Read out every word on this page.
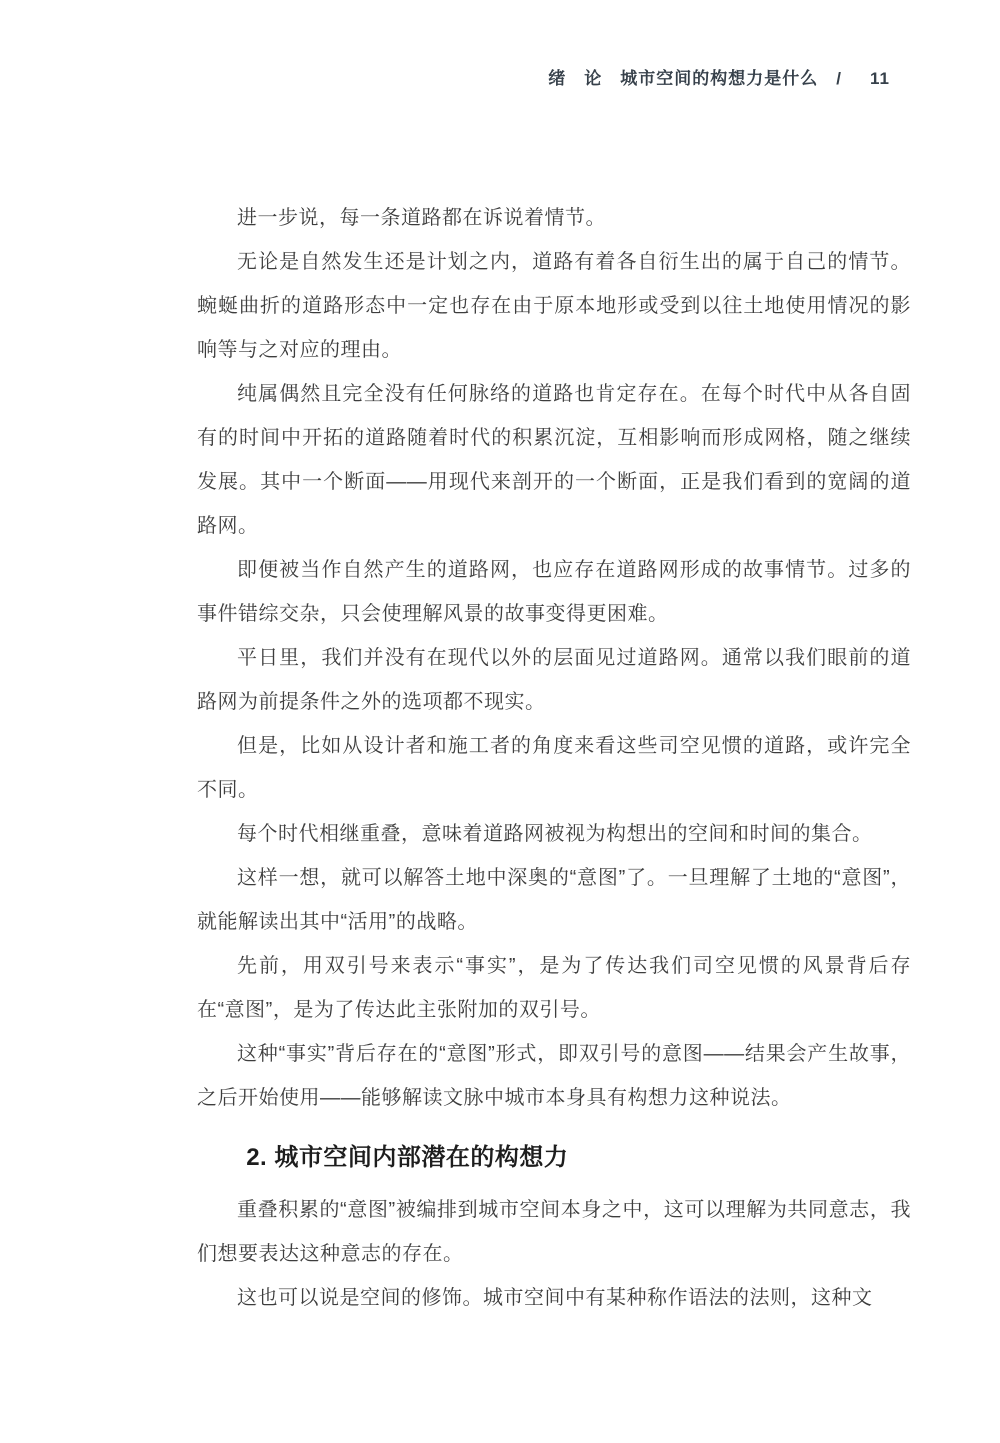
绪　论 城市空间的构想力是什么 / 11

进一步说，每一条道路都在诉说着情节。

无论是自然发生还是计划之内，道路有着各自衍生出的属于自己的情节。蜿蜒曲折的道路形态中一定也存在由于原本地形或受到以往土地使用情况的影响等与之对应的理由。

纯属偶然且完全没有任何脉络的道路也肯定存在。在每个时代中从各自固有的时间中开拓的道路随着时代的积累沉淀，互相影响而形成网格，随之继续发展。其中一个断面——用现代来剖开的一个断面，正是我们看到的宽阔的道路网。

即便被当作自然产生的道路网，也应存在道路网形成的故事情节。过多的事件错综交杂，只会使理解风景的故事变得更困难。

平日里，我们并没有在现代以外的层面见过道路网。通常以我们眼前的道路网为前提条件之外的选项都不现实。

但是，比如从设计者和施工者的角度来看这些司空见惯的道路，或许完全不同。

每个时代相继重叠，意味着道路网被视为构想出的空间和时间的集合。

这样一想，就可以解答土地中深奥的“意图”了。一旦理解了土地的“意图”，就能解读出其中“活用”的战略。

先前，用双引号来表示“事实”，是为了传达我们司空见惯的风景背后存在“意图”，是为了传达此主张附加的双引号。

这种“事实”背后存在的“意图”形式，即双引号的意图——结果会产生故事，之后开始使用——能够解读文脉中城市本身具有构想力这种说法。

2. 城市空间内部潜在的构想力

重叠积累的“意图”被编排到城市空间本身之中，这可以理解为共同意志，我们想要表达这种意志的存在。

这也可以说是空间的修饰。城市空间中有某种称作语法的法则，这种文
